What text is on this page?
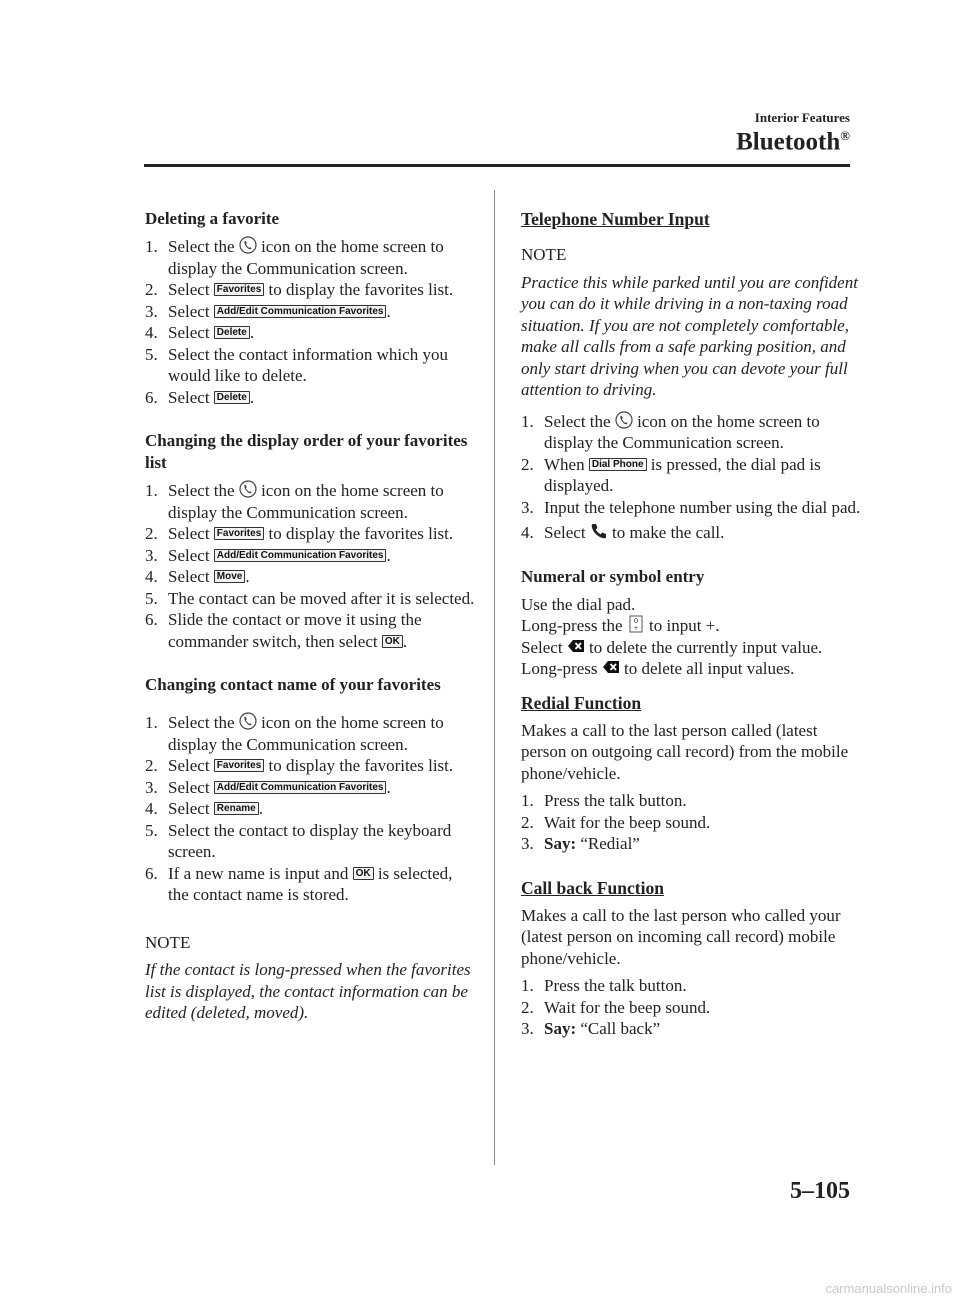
Interior Features
Bluetooth®
Deleting a favorite
1. Select the icon on the home screen to display the Communication screen.
2. Select Favorites to display the favorites list.
3. Select Add/Edit Communication Favorites .
4. Select Delete .
5. Select the contact information which you would like to delete.
6. Select Delete .
Changing the display order of your favorites list
1. Select the icon on the home screen to display the Communication screen.
2. Select Favorites to display the favorites list.
3. Select Add/Edit Communication Favorites .
4. Select Move .
5. The contact can be moved after it is selected.
6. Slide the contact or move it using the commander switch, then select OK .
Changing contact name of your favorites
1. Select the icon on the home screen to display the Communication screen.
2. Select Favorites to display the favorites list.
3. Select Add/Edit Communication Favorites .
4. Select Rename .
5. Select the contact to display the keyboard screen.
6. If a new name is input and OK is selected, the contact name is stored.

NOTE

If the contact is long-pressed when the favorites list is displayed, the contact information can be edited (deleted, moved).

Telephone Number Input

NOTE

Practice this while parked until you are confident you can do it while driving in a non-taxing road situation. If you are not completely comfortable, make all calls from a safe parking position, and only start driving when you can devote your full attention to driving.

1. Select the icon on the home screen to display the Communication screen.
2. When Dial Phone is pressed, the dial pad is displayed.
3. Input the telephone number using the dial pad.
4. Select to make the call.
Numeral or symbol entry

Use the dial pad.

Long-press the to input +.

Select to delete the currently input value.

Long-press to delete all input values.

Redial Function

Makes a call to the last person called (latest person on outgoing call record) from the mobile phone/vehicle.

1. Press the talk button.
2. Wait for the beep sound.
3. Say: “Redial”
Call back Function

Makes a call to the last person who called your (latest person on incoming call record) mobile phone/vehicle.

1. Press the talk button.
2. Wait for the beep sound.
3. Say: “Call back”
5–105
carmanualsonline.info
